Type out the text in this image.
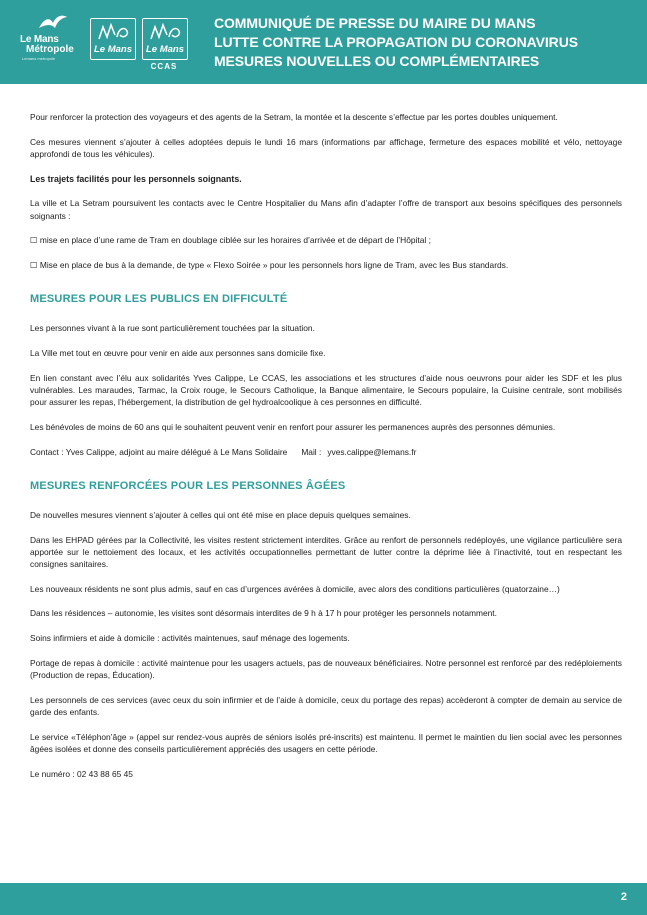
Le Mans
Métropole
Lemans metropole
Le Mans	Le Mans
CCAS
COMMUNIQUÉ DE PRESSE DU MAIRE DU MANS
LUTTE CONTRE LA PROPAGATION DU CORONAVIRUS
MESURES NOUVELLES OU COMPLÉMENTAIRES

Pour renforcer la protection des voyageurs et des agents de la Setram, la montée et la descente s’effectue par les portes doubles uniquement.

Ces mesures viennent s’ajouter à celles adoptées depuis le lundi 16 mars (informations par affichage, fermeture des espaces mobilité et vélo, nettoyage approfondi de tous les véhicules).

Les trajets facilités pour les personnels soignants.

La ville et La Setram poursuivent les contacts avec le Centre Hospitalier du Mans afin d’adapter l’offre de transport aux besoins spécifiques des personnels soignants :

☐ mise en place d’une rame de Tram en doublage ciblée sur les horaires d’arrivée et de départ de l’Hôpital ;

☐ Mise en place de bus à la demande, de type « Flexo Soirée » pour les personnels hors ligne de Tram, avec les Bus standards.

MESURES POUR LES PUBLICS EN DIFFICULTÉ

Les personnes vivant à la rue sont particulièrement touchées par la situation.

La Ville met tout en œuvre pour venir en aide aux personnes sans domicile fixe.

En lien constant avec l’élu aux solidarités Yves Calippe, Le CCAS, les associations et les structures d’aide nous oeuvrons pour aider les SDF et les plus vulnérables. Les maraudes, Tarmac, la Croix rouge, le Secours Catholique, la Banque alimentaire, le Secours populaire, la Cuisine centrale, sont mobilisés pour assurer les repas, l’hébergement, la distribution de gel hydroalcoolique à ces personnes en difficulté.

Les bénévoles de moins de 60 ans qui le souhaitent peuvent venir en renfort pour assurer les permanences auprès des personnes démunies.

Contact : Yves Calippe, adjoint au maire délégué à Le Mans Solidaire Mail : yves.calippe@lemans.fr

MESURES RENFORCÉES POUR LES PERSONNES ÂGÉES

De nouvelles mesures viennent s’ajouter à celles qui ont été mise en place depuis quelques semaines.

Dans les EHPAD gérées par la Collectivité, les visites restent strictement interdites. Grâce au renfort de personnels redéployés, une vigilance particulière sera apportée sur le nettoiement des locaux, et les activités occupationnelles permettant de lutter contre la déprime liée à l’inactivité, tout en respectant les consignes sanitaires.

Les nouveaux résidents ne sont plus admis, sauf en cas d’urgences avérées à domicile, avec alors des conditions particulières (quatorzaine…)

Dans les résidences – autonomie, les visites sont désormais interdites de 9 h à 17 h pour protéger les personnels notamment.

Soins infirmiers et aide à domicile : activités maintenues, sauf ménage des logements.

Portage de repas à domicile : activité maintenue pour les usagers actuels, pas de nouveaux bénéficiaires. Notre personnel est renforcé par des redéploiements (Production de repas, Éducation).

Les personnels de ces services (avec ceux du soin infirmier et de l’aide à domicile, ceux du portage des repas) accèderont à compter de demain au service de garde des enfants.

Le service «Téléphon’âge » (appel sur rendez-vous auprès de séniors isolés pré-inscrits) est maintenu. Il permet le maintien du lien social avec les personnes âgées isolées et donne des conseils particulièrement appréciés des usagers en cette période.

Le numéro : 02 43 88 65 45

2
